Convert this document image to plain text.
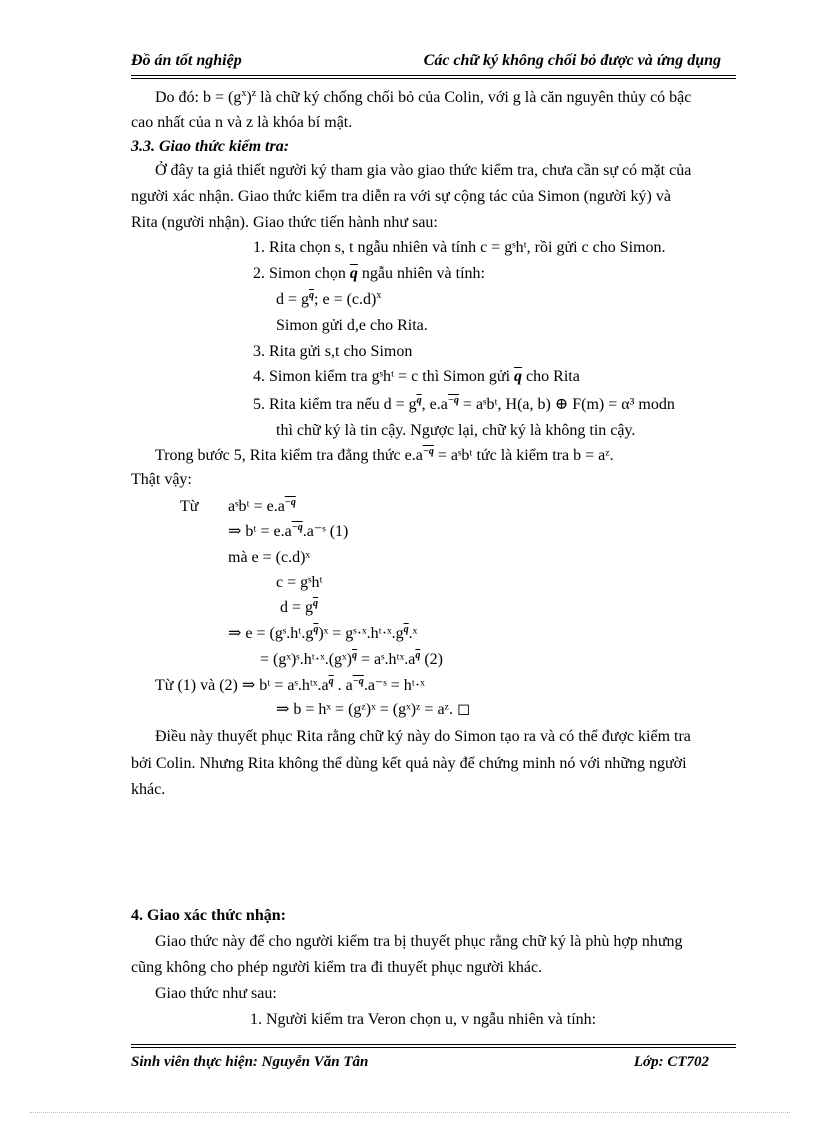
Đồ án tốt nghiệp	Các chữ ký không chối bỏ được và ứng dụng
Do đó: $b = (g^x)^z$ là chữ ký chống chối bỏ của Colin, với g là căn nguyên thủy có bậc
cao nhất của n và z là khóa bí mật.
3.3. Giao thức kiểm tra:
Ở đây ta giả thiết người ký tham gia vào giao thức kiểm tra, chưa cần sự có mặt của
người xác nhận. Giao thức kiểm tra diễn ra với sự cộng tác của Simon (người ký) và
Rita (người nhận). Giao thức tiến hành như sau:
1. Rita chọn s, t ngẫu nhiên và tính c = gˢhᵗ, rồi gửi c cho Simon.
2. Simon chọn $\overline{q}$ ngẫu nhiên và tính:
$d = g^{\overline{q}}$; $e = (c.d)^x$
Simon gửi d,e cho Rita.
3. Rita gửi s,t cho Simon
4. Simon kiểm tra gˢhᵗ = c thì Simon gửi $\overline{q}$ cho Rita
5. Rita kiểm tra nếu $d = g^{\overline{q}}$, $e.a^{-q}$ = aˢbᵗ, H(a, b) ⊕ F(m) = α³ modn
thì chữ ký là tin cậy. Ngược lại, chữ ký là không tin cậy.
Trong bước 5, Rita kiểm tra đẳng thức $e.a^{-q}$ = aˢbᵗ tức là kiểm tra b = aᶻ.
Thật vậy:
Từ aˢbᵗ = $e.a^{-q}$
⇒ bᵗ = $e.a^{-q}.a^-ˢ$ (1)
mà e = (c.d)ˣ
c = gˢhᵗ
$d = g^{\overline{q}}$
⇒ $e = (gˢ.hᵗ.g^{\overline{q}})ˣ$ = $gˢ\cdot ˣ.hᵗ\cdot ˣ.g^{\overline{q}}.ˣ$
= (gˣ)ˢ.hᵗ·ˣ.(gˣ)$^{\overline{q}}$ = $aˢ.hᵗˣ.a^{\overline{q}}$ (2)
Từ (1) và (2) ⇒ bᵗ = $aˢ.hᵗˣ.a^{\overline{q}}$ . $a^{-q}.a^-ˢ$ = hᵗ·ˣ
⇒ b = hˣ = (gᶻ)ˣ = (gˣ)ᶻ = aᶻ. ◻
Điều này thuyết phục Rita rằng chữ ký này do Simon tạo ra và có thể được kiểm tra
bởi Colin. Nhưng Rita không thể dùng kết quả này để chứng minh nó với những người
khác.
4. Giao xác thức nhận:
Giao thức này để cho người kiểm tra bị thuyết phục rằng chữ ký là phù hợp nhưng
cũng không cho phép người kiểm tra đi thuyết phục người khác.
Giao thức như sau:
1. Người kiểm tra Veron chọn u, v ngẫu nhiên và tính:
Sinh viên thực hiện: Nguyễn Văn Tân	Lớp: CT702
